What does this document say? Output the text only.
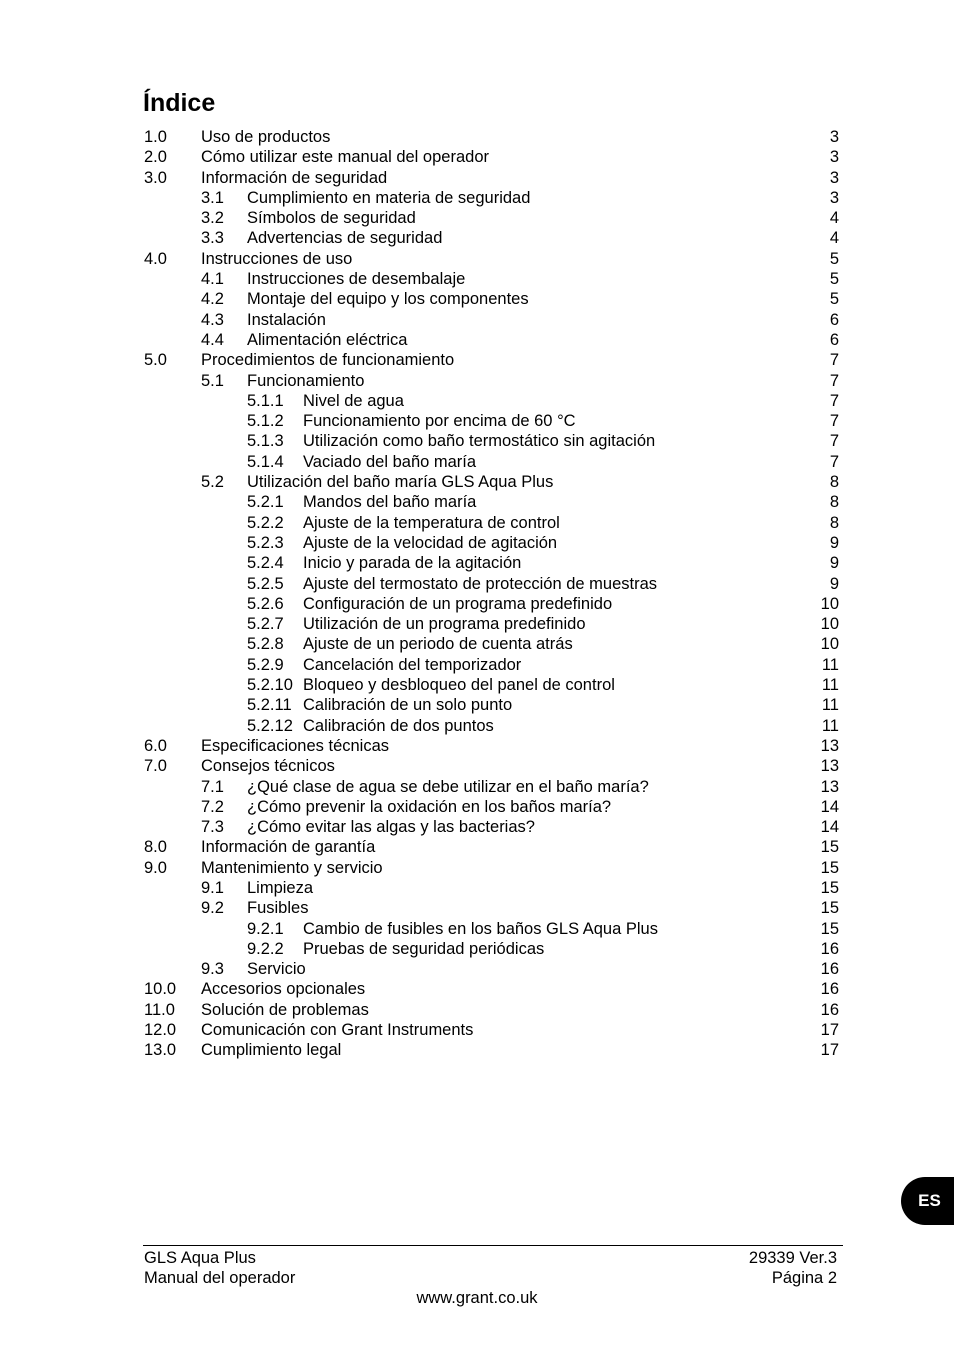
Índice
1.0 Uso de productos	3
2.0 Cómo utilizar este manual del operador	3
3.0 Información de seguridad	3
3.1 Cumplimiento en materia de seguridad	3
3.2 Símbolos de seguridad	4
3.3 Advertencias de seguridad	4
4.0 Instrucciones de uso	5
4.1 Instrucciones de desembalaje	5
4.2 Montaje del equipo y los componentes	5
4.3 Instalación	6
4.4 Alimentación eléctrica	6
5.0 Procedimientos de funcionamiento	7
5.1 Funcionamiento	7
5.1.1 Nivel de agua	7
5.1.2 Funcionamiento por encima de 60 °C	7
5.1.3 Utilización como baño termostático sin agitación	7
5.1.4 Vaciado del baño maría	7
5.2 Utilización del baño maría GLS Aqua Plus	8
5.2.1 Mandos del baño maría	8
5.2.2 Ajuste de la temperatura de control	8
5.2.3 Ajuste de la velocidad de agitación	9
5.2.4 Inicio y parada de la agitación	9
5.2.5 Ajuste del termostato de protección de muestras	9
5.2.6 Configuración de un programa predefinido	10
5.2.7 Utilización de un programa predefinido	10
5.2.8 Ajuste de un periodo de cuenta atrás	10
5.2.9 Cancelación del temporizador	11
5.2.10 Bloqueo y desbloqueo del panel de control	11
5.2.11 Calibración de un solo punto	11
5.2.12 Calibración de dos puntos	11
6.0 Especificaciones técnicas	13
7.0 Consejos técnicos	13
7.1 ¿Qué clase de agua se debe utilizar en el baño maría?	13
7.2 ¿Cómo prevenir la oxidación en los baños maría?	14
7.3 ¿Cómo evitar las algas y las bacterias?	14
8.0 Información de garantía	15
9.0 Mantenimiento y servicio	15
9.1 Limpieza	15
9.2 Fusibles	15
9.2.1 Cambio de fusibles en los baños GLS Aqua Plus	15
9.2.2 Pruebas de seguridad periódicas	16
9.3 Servicio	16
10.0 Accesorios opcionales	16
11.0 Solución de problemas	16
12.0 Comunicación con Grant Instruments	17
13.0 Cumplimiento legal	17
ES
GLS Aqua Plus
Manual del operador
29339 Ver.3
Página 2
www.grant.co.uk
